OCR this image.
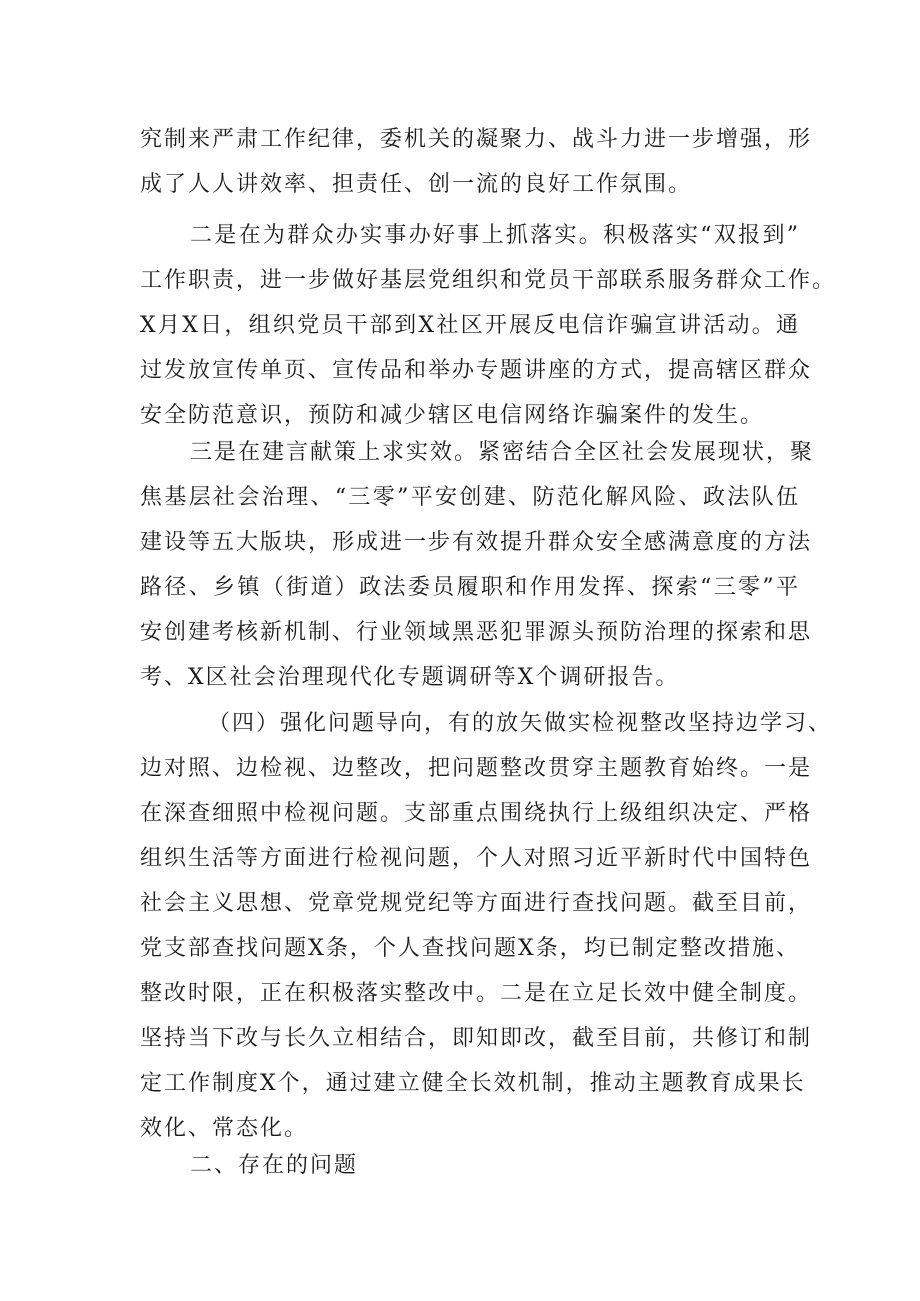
究制来严肃工作纪律，委机关的凝聚力、战斗力进一步增强，形
成了人人讲效率、担责任、创一流的良好工作氛围。
二是在为群众办实事办好事上抓落实。积极落实“双报到”
工作职责，进一步做好基层党组织和党员干部联系服务群众工作。
X月X日，组织党员干部到X社区开展反电信诈骗宣讲活动。通
过发放宣传单页、宣传品和举办专题讲座的方式，提高辖区群众
安全防范意识，预防和减少辖区电信网络诈骗案件的发生。
三是在建言献策上求实效。紧密结合全区社会发展现状，聚
焦基层社会治理、“三零”平安创建、防范化解风险、政法队伍
建设等五大版块，形成进一步有效提升群众安全感满意度的方法
路径、乡镇（街道）政法委员履职和作用发挥、探索“三零”平
安创建考核新机制、行业领域黑恶犯罪源头预防治理的探索和思
考、X区社会治理现代化专题调研等X个调研报告。
（四）强化问题导向，有的放矢做实检视整改坚持边学习、
边对照、边检视、边整改，把问题整改贯穿主题教育始终。一是
在深查细照中检视问题。支部重点围绕执行上级组织决定、严格
组织生活等方面进行检视问题，个人对照习近平新时代中国特色
社会主义思想、党章党规党纪等方面进行查找问题。截至目前，
党支部查找问题X条，个人查找问题X条，均已制定整改措施、
整改时限，正在积极落实整改中。二是在立足长效中健全制度。
坚持当下改与长久立相结合，即知即改，截至目前，共修订和制
定工作制度X个，通过建立健全长效机制，推动主题教育成果长
效化、常态化。
二、存在的问题
